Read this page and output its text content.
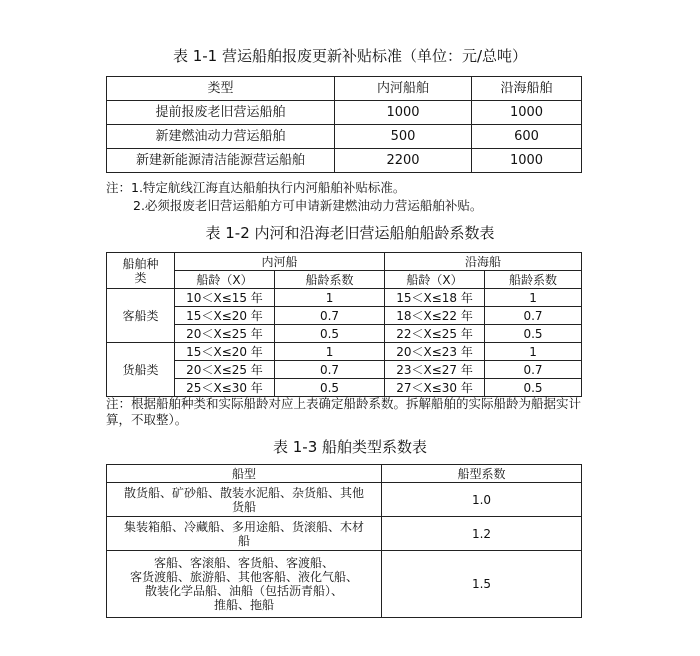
表 1-1 营运船舶报废更新补贴标准（单位：元/总吨）
类型	内河船舶	沿海船舶
提前报废老旧营运船舶	1000	1000
新建燃油动力营运船舶	500	600
新建新能源清洁能源营运船舶	2200	1000
注：1.特定航线江海直达船舶执行内河船舶补贴标准。
2.必须报废老旧营运船舶方可申请新建燃油动力营运船舶补贴。
表 1-2 内河和沿海老旧营运船舶船龄系数表
船舶种
类	内河船		沿海船	
	船龄（X）	船龄系数	船龄（X）	船龄系数
客船类	10＜X≤15 年	1	15＜X≤18 年	1
	15＜X≤20 年	0.7	18＜X≤22 年	0.7
	20＜X≤25 年	0.5	22＜X≤25 年	0.5
货船类	15＜X≤20 年	1	20＜X≤23 年	1
	20＜X≤25 年	0.7	23＜X≤27 年	0.7
	25＜X≤30 年	0.5	27＜X≤30 年	0.5
注：根据船舶种类和实际船龄对应上表确定船龄系数。拆解船舶的实际船龄为船据实计算，不取整）。
表 1-3 船舶类型系数表
船型	船型系数

散货船、矿砂船、散装水泥船、杂货船、其他
货船	1.0

集装箱船、冷藏船、多用途船、货滚船、木材
船	1.2

客船、客滚船、客货船、客渡船、
客货渡船、旅游船、其他客船、液化气船、
散装化学品船、油船（包括沥青船）、
推船、拖船	1.5
